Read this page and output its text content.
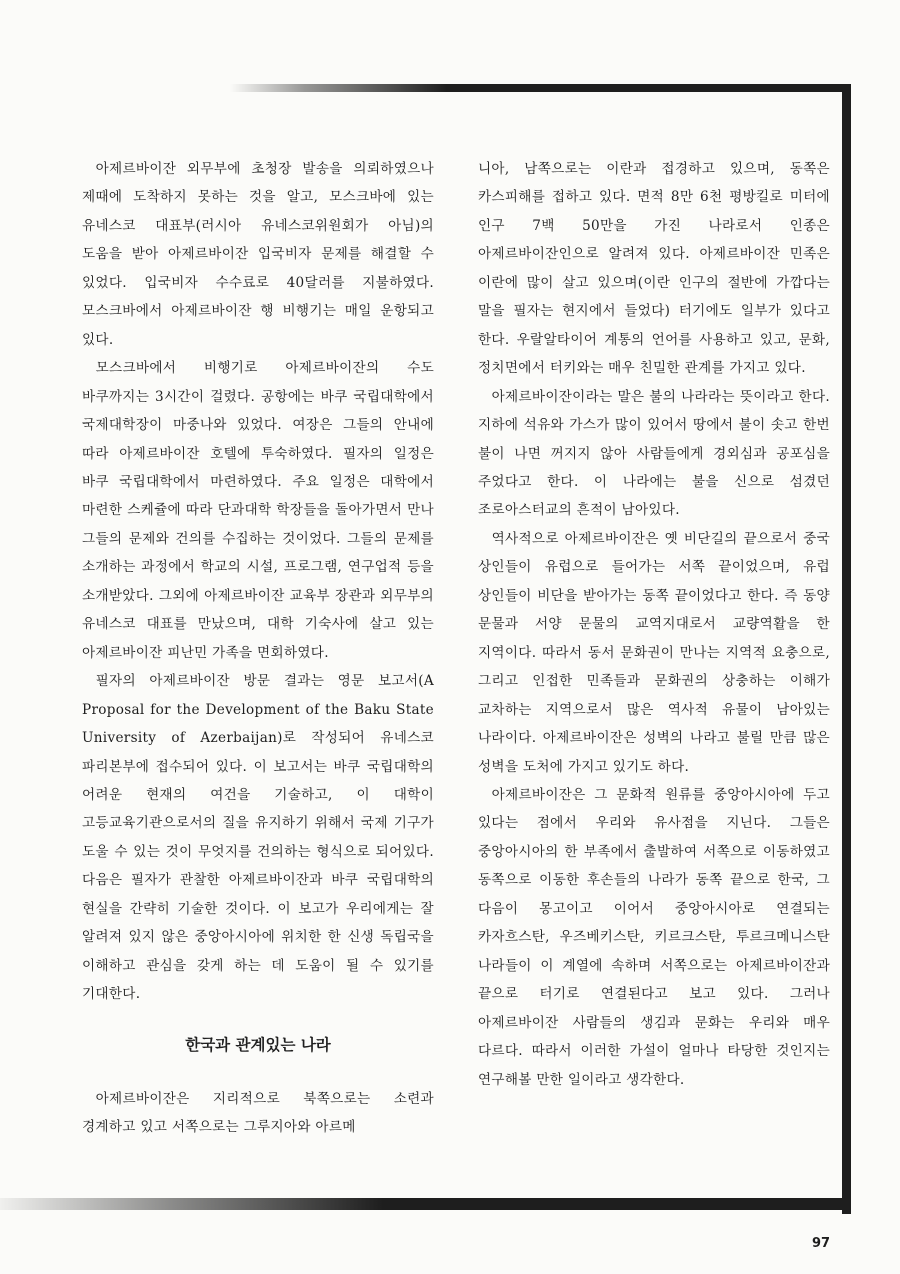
아제르바이잔 외무부에 초청장 발송을 의뢰하였으나 제때에 도착하지 못하는 것을 알고, 모스크바에 있는 유네스코 대표부(러시아 유네스코위원회가 아님)의 도움을 받아 아제르바이잔 입국비자 문제를 해결할 수 있었다. 입국비자 수수료로 40달러를 지불하였다. 모스크바에서 아제르바이잔 행 비행기는 매일 운항되고 있다.

모스크바에서 비행기로 아제르바이잔의 수도 바쿠까지는 3시간이 걸렸다. 공항에는 바쿠 국립대학에서 국제대학장이 마중나와 있었다. 여장은 그들의 안내에 따라 아제르바이잔 호텔에 투숙하였다. 필자의 일정은 바쿠 국립대학에서 마련하였다. 주요 일정은 대학에서 마련한 스케쥴에 따라 단과대학 학장들을 돌아가면서 만나 그들의 문제와 건의를 수집하는 것이었다. 그들의 문제를 소개하는 과정에서 학교의 시설, 프로그램, 연구업적 등을 소개받았다. 그외에 아제르바이잔 교육부 장관과 외무부의 유네스코 대표를 만났으며, 대학 기숙사에 살고 있는 아제르바이잔 피난민 가족을 면회하였다.

필자의 아제르바이잔 방문 결과는 영문 보고서(A Proposal for the Development of the Baku State University of Azerbaijan)로 작성되어 유네스코 파리본부에 접수되어 있다. 이 보고서는 바쿠 국립대학의 어려운 현재의 여건을 기술하고, 이 대학이 고등교육기관으로서의 질을 유지하기 위해서 국제 기구가 도울 수 있는 것이 무엇지를 건의하는 형식으로 되어있다. 다음은 필자가 관찰한 아제르바이잔과 바쿠 국립대학의 현실을 간략히 기술한 것이다. 이 보고가 우리에게는 잘 알려져 있지 않은 중앙아시아에 위치한 한 신생 독립국을 이해하고 관심을 갖게 하는 데 도움이 될 수 있기를 기대한다.

한국과 관계있는 나라

아제르바이잔은 지리적으로 북쪽으로는 소련과 경계하고 있고 서쪽으로는 그루지아와 아르메

니아, 남쪽으로는 이란과 접경하고 있으며, 동쪽은 카스피해를 접하고 있다. 면적 8만 6천 평방킬로 미터에 인구 7백 50만을 가진 나라로서 인종은 아제르바이잔인으로 알려져 있다. 아제르바이잔 민족은 이란에 많이 살고 있으며(이란 인구의 절반에 가깝다는 말을 필자는 현지에서 들었다) 터기에도 일부가 있다고 한다. 우랄알타이어 계통의 언어를 사용하고 있고, 문화, 정치면에서 터키와는 매우 친밀한 관계를 가지고 있다.

아제르바이잔이라는 말은 불의 나라라는 뜻이라고 한다. 지하에 석유와 가스가 많이 있어서 땅에서 불이 솟고 한번 불이 나면 꺼지지 않아 사람들에게 경외심과 공포심을 주었다고 한다. 이 나라에는 불을 신으로 섬겼던 조로아스터교의 흔적이 남아있다.

역사적으로 아제르바이잔은 옛 비단길의 끝으로서 중국 상인들이 유럽으로 들어가는 서쪽 끝이었으며, 유럽 상인들이 비단을 받아가는 동쪽 끝이었다고 한다. 즉 동양 문물과 서양 문물의 교역지대로서 교량역활을 한 지역이다. 따라서 동서 문화권이 만나는 지역적 요충으로, 그리고 인접한 민족들과 문화권의 상충하는 이해가 교차하는 지역으로서 많은 역사적 유물이 남아있는 나라이다. 아제르바이잔은 성벽의 나라고 불릴 만큼 많은 성벽을 도처에 가지고 있기도 하다.

아제르바이잔은 그 문화적 원류를 중앙아시아에 두고 있다는 점에서 우리와 유사점을 지닌다. 그들은 중앙아시아의 한 부족에서 출발하여 서쪽으로 이동하였고 동쪽으로 이동한 후손들의 나라가 동쪽 끝으로 한국, 그 다음이 몽고이고 이어서 중앙아시아로 연결되는 카자흐스탄, 우즈베키스탄, 키르크스탄, 투르크메니스탄 나라들이 이 계열에 속하며 서쪽으로는 아제르바이잔과 끝으로 터기로 연결된다고 보고 있다. 그러나 아제르바이잔 사람들의 생김과 문화는 우리와 매우 다르다. 따라서 이러한 가설이 얼마나 타당한 것인지는 연구해볼 만한 일이라고 생각한다.

97
